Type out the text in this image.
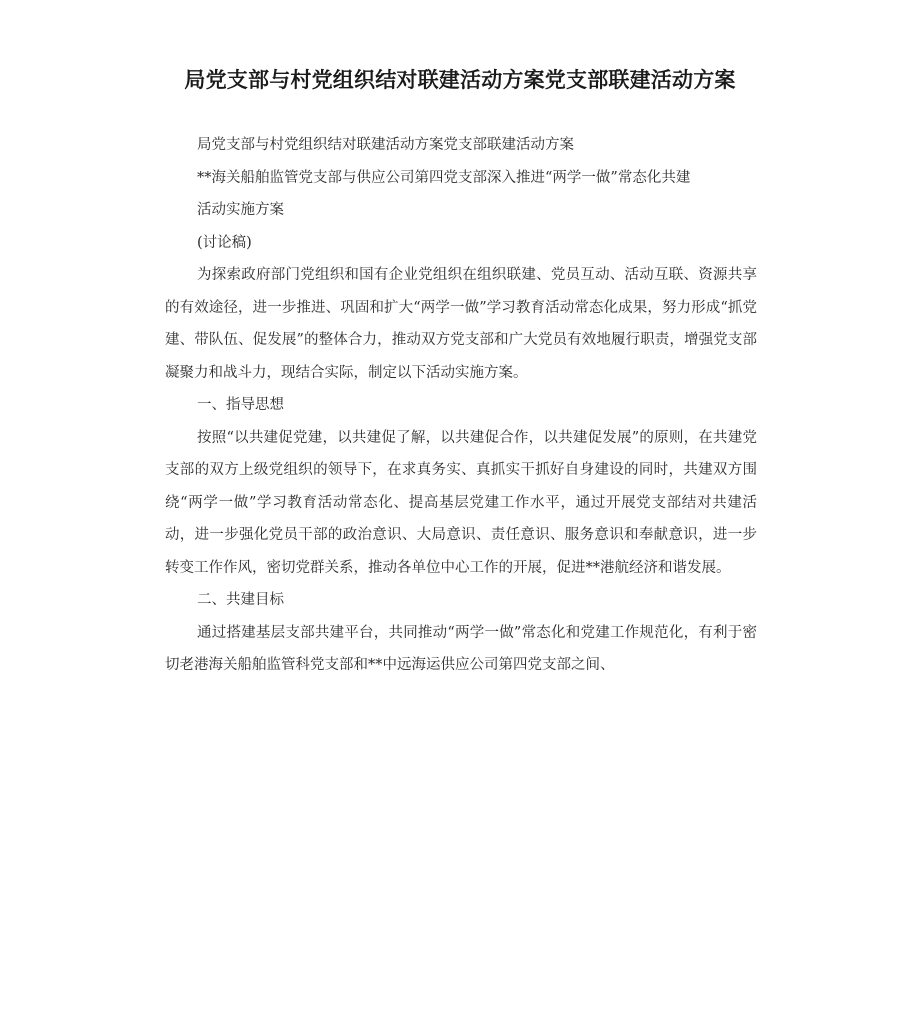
局党支部与村党组织结对联建活动方案党支部联建活动方案

局党支部与村党组织结对联建活动方案党支部联建活动方案

**海关船舶监管党支部与供应公司第四党支部深入推进“两学一做”常态化共建

活动实施方案

(讨论稿)

为探索政府部门党组织和国有企业党组织在组织联建、党员互动、活动互联、资源共享的有效途径，进一步推进、巩固和扩大“两学一做”学习教育活动常态化成果，努力形成“抓党建、带队伍、促发展”的整体合力，推动双方党支部和广大党员有效地履行职责，增强党支部凝聚力和战斗力，现结合实际，制定以下活动实施方案。

一、指导思想

按照“以共建促党建，以共建促了解，以共建促合作，以共建促发展”的原则，在共建党支部的双方上级党组织的领导下，在求真务实、真抓实干抓好自身建设的同时，共建双方围绕“两学一做”学习教育活动常态化、提高基层党建工作水平，通过开展党支部结对共建活动，进一步强化党员干部的政治意识、大局意识、责任意识、服务意识和奉献意识，进一步转变工作作风，密切党群关系，推动各单位中心工作的开展，促进**港航经济和谐发展。

二、共建目标

通过搭建基层支部共建平台，共同推动“两学一做”常态化和党建工作规范化，有利于密切老港海关船舶监管科党支部和**中远海运供应公司第四党支部之间、
